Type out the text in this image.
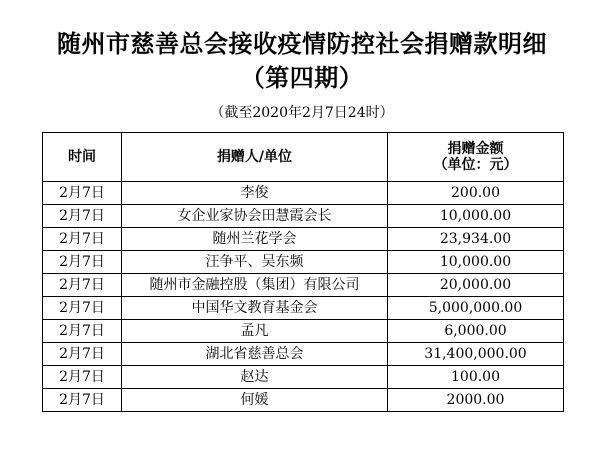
随州市慈善总会接收疫情防控社会捐赠款明细
（第四期）
（截至2020年2月7日24时）
时间	捐赠人/单位	捐赠金额
（单位：元）

2月7日	李俊	200.00
2月7日	女企业家协会田慧霞会长	10,000.00
2月7日	随州兰花学会	23,934.00
2月7日	汪争平、吴东频	10,000.00
2月7日	随州市金融控股（集团）有限公司	20,000.00
2月7日	中国华文教育基金会	5,000,000.00
2月7日	孟凡	6,000.00
2月7日	湖北省慈善总会	31,400,000.00
2月7日	赵达	100.00
2月7日	何媛	2000.00
